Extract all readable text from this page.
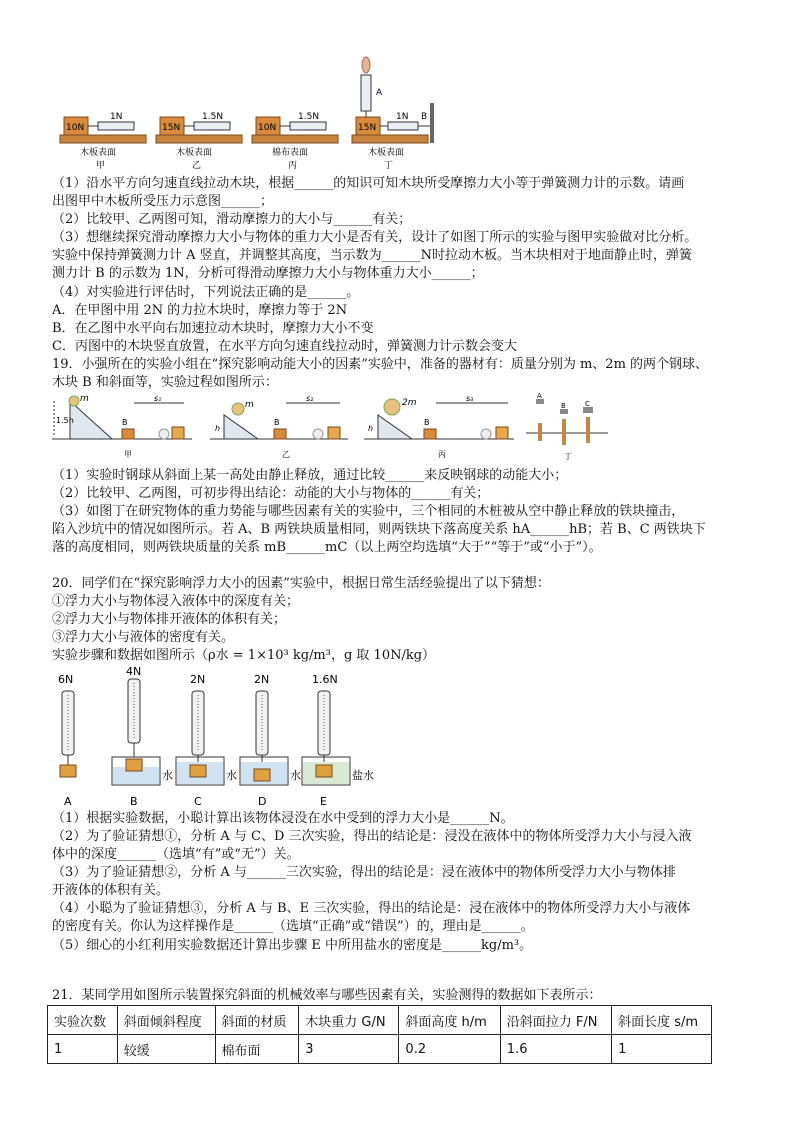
10N	15N	10N	15N
1N	1.5N	1.5N	1N B
A
木板表面	木板表面	棉布表面	木板表面
甲	乙	丙	丁
（1）沿水平方向匀速直线拉动木块，根据______的知识可知木块所受摩擦力大小等于弹簧测力计的示数。请画
出图甲中木板所受压力示意图______；
（2）比较甲、乙两图可知，滑动摩擦力的大小与______有关；
（3）想继续探究滑动摩擦力大小与物体的重力大小是否有关，设计了如图丁所示的实验与图甲实验做对比分析。
实验中保持弹簧测力计 A 竖直，并调整其高度，当示数为______N时拉动木板。当木块相对于地面静止时，弹簧
测力计 B 的示数为 1N，分析可得滑动摩擦力大小与物体重力大小______；
（4）对实验进行评估时，下列说法正确的是______。
A．在甲图中用 2N 的力拉木块时，摩擦力等于 2N
B．在乙图中水平向右加速拉动木块时，摩擦力大小不变
C．丙图中的木块竖直放置，在水平方向匀速直线拉动时，弹簧测力计示数会变大
19．小强所在的实验小组在“探究影响动能大小的因素”实验中，准备的器材有：质量分别为 m、2m 的两个钢球、
木块 B 和斜面等，实验过程如图所示：
m
1.5h	B
s₁
甲
m
h
B
s₂
乙
2m
h
B
s₃
丙
A
B	C
丁
（1）实验时钢球从斜面上某一高处由静止释放，通过比较______来反映钢球的动能大小；
（2）比较甲、乙两图，可初步得出结论：动能的大小与物体的______有关；
（3）如图丁在研究物体的重力势能与哪些因素有关的实验中，三个相同的木桩被从空中静止释放的铁块撞击，
陷入沙坑中的情况如图所示。若 A、B 两铁块质量相同，则两铁块下落高度关系 hA______hB；若 B、C 两铁块下
落的高度相同，则两铁块质量的关系 mB______mC（以上两空均选填“大于”“等于”或“小于”）。
20．同学们在“探究影响浮力大小的因素”实验中，根据日常生活经验提出了以下猜想：
①浮力大小与物体浸入液体中的深度有关；
②浮力大小与物体排开液体的体积有关；
③浮力大小与液体的密度有关。
实验步骤和数据如图所示（ρ水 = 1×10³ kg/m³，g 取 10N/kg）
6N
4N
2N	2N	1.6N
水	水	水	盐水
A	B	C	D	E
（1）根据实验数据，小聪计算出该物体浸没在水中受到的浮力大小是______N。
（2）为了验证猜想①，分析 A 与 C、D 三次实验，得出的结论是：浸没在液体中的物体所受浮力大小与浸入液
体中的深度______（选填“有”或“无”）关。
（3）为了验证猜想②，分析 A 与______三次实验，得出的结论是：浸在液体中的物体所受浮力大小与物体排
开液体的体积有关。
（4）小聪为了验证猜想③，分析 A 与 B、E 三次实验，得出的结论是：浸在液体中的物体所受浮力大小与液体
的密度有关。你认为这样操作是______（选填“正确”或“错误”）的，理由是______。
（5）细心的小红利用实验数据还计算出步骤 E 中所用盐水的密度是______kg/m³。
21．某同学用如图所示装置探究斜面的机械效率与哪些因素有关，实验测得的数据如下表所示：
实验次数	斜面倾斜程度	斜面的材质	木块重力 G/N	斜面高度 h/m	沿斜面拉力 F/N	斜面长度 s/m
1	较缓	棉布面	3	0.2	1.6	1
